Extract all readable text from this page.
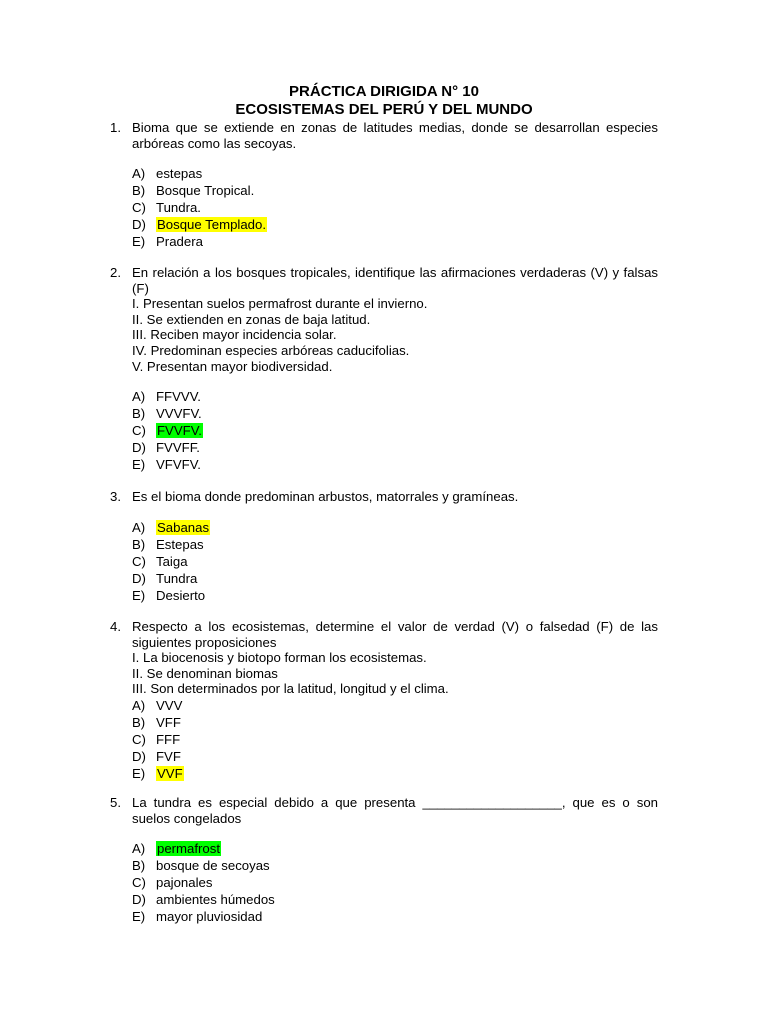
PRÁCTICA DIRIGIDA N° 10
ECOSISTEMAS DEL PERÚ Y DEL MUNDO
1. Bioma que se extiende en zonas de latitudes medias, donde se desarrollan especies arbóreas como las secoyas.
A) estepas
B) Bosque Tropical.
C) Tundra.
D) Bosque Templado.
E) Pradera
2. En relación a los bosques tropicales, identifique las afirmaciones verdaderas (V) y falsas (F)
I. Presentan suelos permafrost durante el invierno.
II. Se extienden en zonas de baja latitud.
III. Reciben mayor incidencia solar.
IV. Predominan especies arbóreas caducifolias.
V. Presentan mayor biodiversidad.
A) FFVVV.
B) VVVFV.
C) FVVFV.
D) FVVFF.
E) VFVFV.
3. Es el bioma donde predominan arbustos, matorrales y gramíneas.
A) Sabanas
B) Estepas
C) Taiga
D) Tundra
E) Desierto
4. Respecto a los ecosistemas, determine el valor de verdad (V) o falsedad (F) de las siguientes proposiciones
I. La biocenosis y biotopo forman los ecosistemas.
II. Se denominan biomas
III. Son determinados por la latitud, longitud y el clima.
A) VVV
B) VFF
C) FFF
D) FVF
E) VVF
5. La tundra es especial debido a que presenta ___________________, que es o son suelos congelados
A) permafrost
B) bosque de secoyas
C) pajonales
D) ambientes húmedos
E) mayor pluviosidad
